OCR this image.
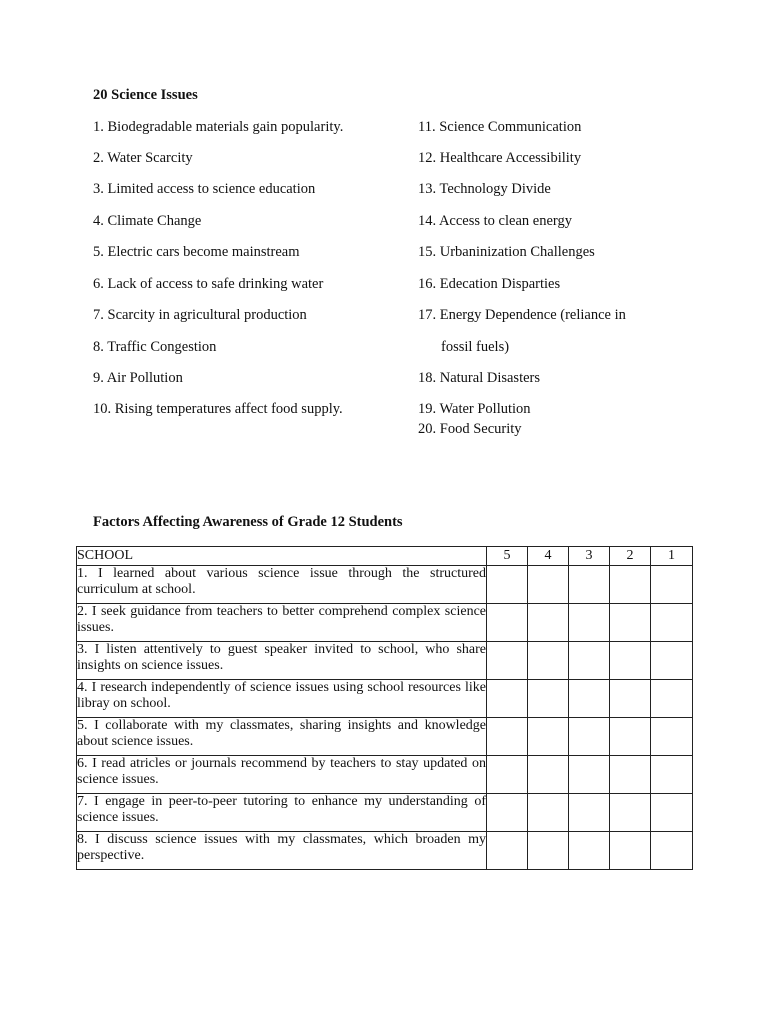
20 Science Issues
1. Biodegradable materials gain popularity.
2. Water Scarcity
3. Limited access to science education
4. Climate Change
5. Electric cars become mainstream
6. Lack of access to safe drinking water
7. Scarcity in agricultural production
8. Traffic Congestion
9. Air Pollution
10. Rising temperatures affect food supply.
11. Science Communication
12. Healthcare Accessibility
13. Technology Divide
14. Access to clean energy
15. Urbaninization Challenges
16. Edecation Disparties
17. Energy Dependence (reliance in
fossil fuels)
18. Natural Disasters
19. Water Pollution
20. Food Security
Factors Affecting Awareness of Grade 12 Students
SCHOOL	5	4	3	2	1
1. I learned about various science issue through the structured curriculum at school.					
2. I seek guidance from teachers to better comprehend complex science issues.					
3. I listen attentively to guest speaker invited to school, who share insights on science issues.					
4. I research independently of science issues using school resources like libray on school.					
5. I collaborate with my classmates, sharing insights and knowledge about science issues.					
6. I read atricles or journals recommend by teachers to stay updated on science issues.					
7. I engage in peer-to-peer tutoring to enhance my understanding of science issues.					
8. I discuss science issues with my classmates, which broaden my perspective.					
